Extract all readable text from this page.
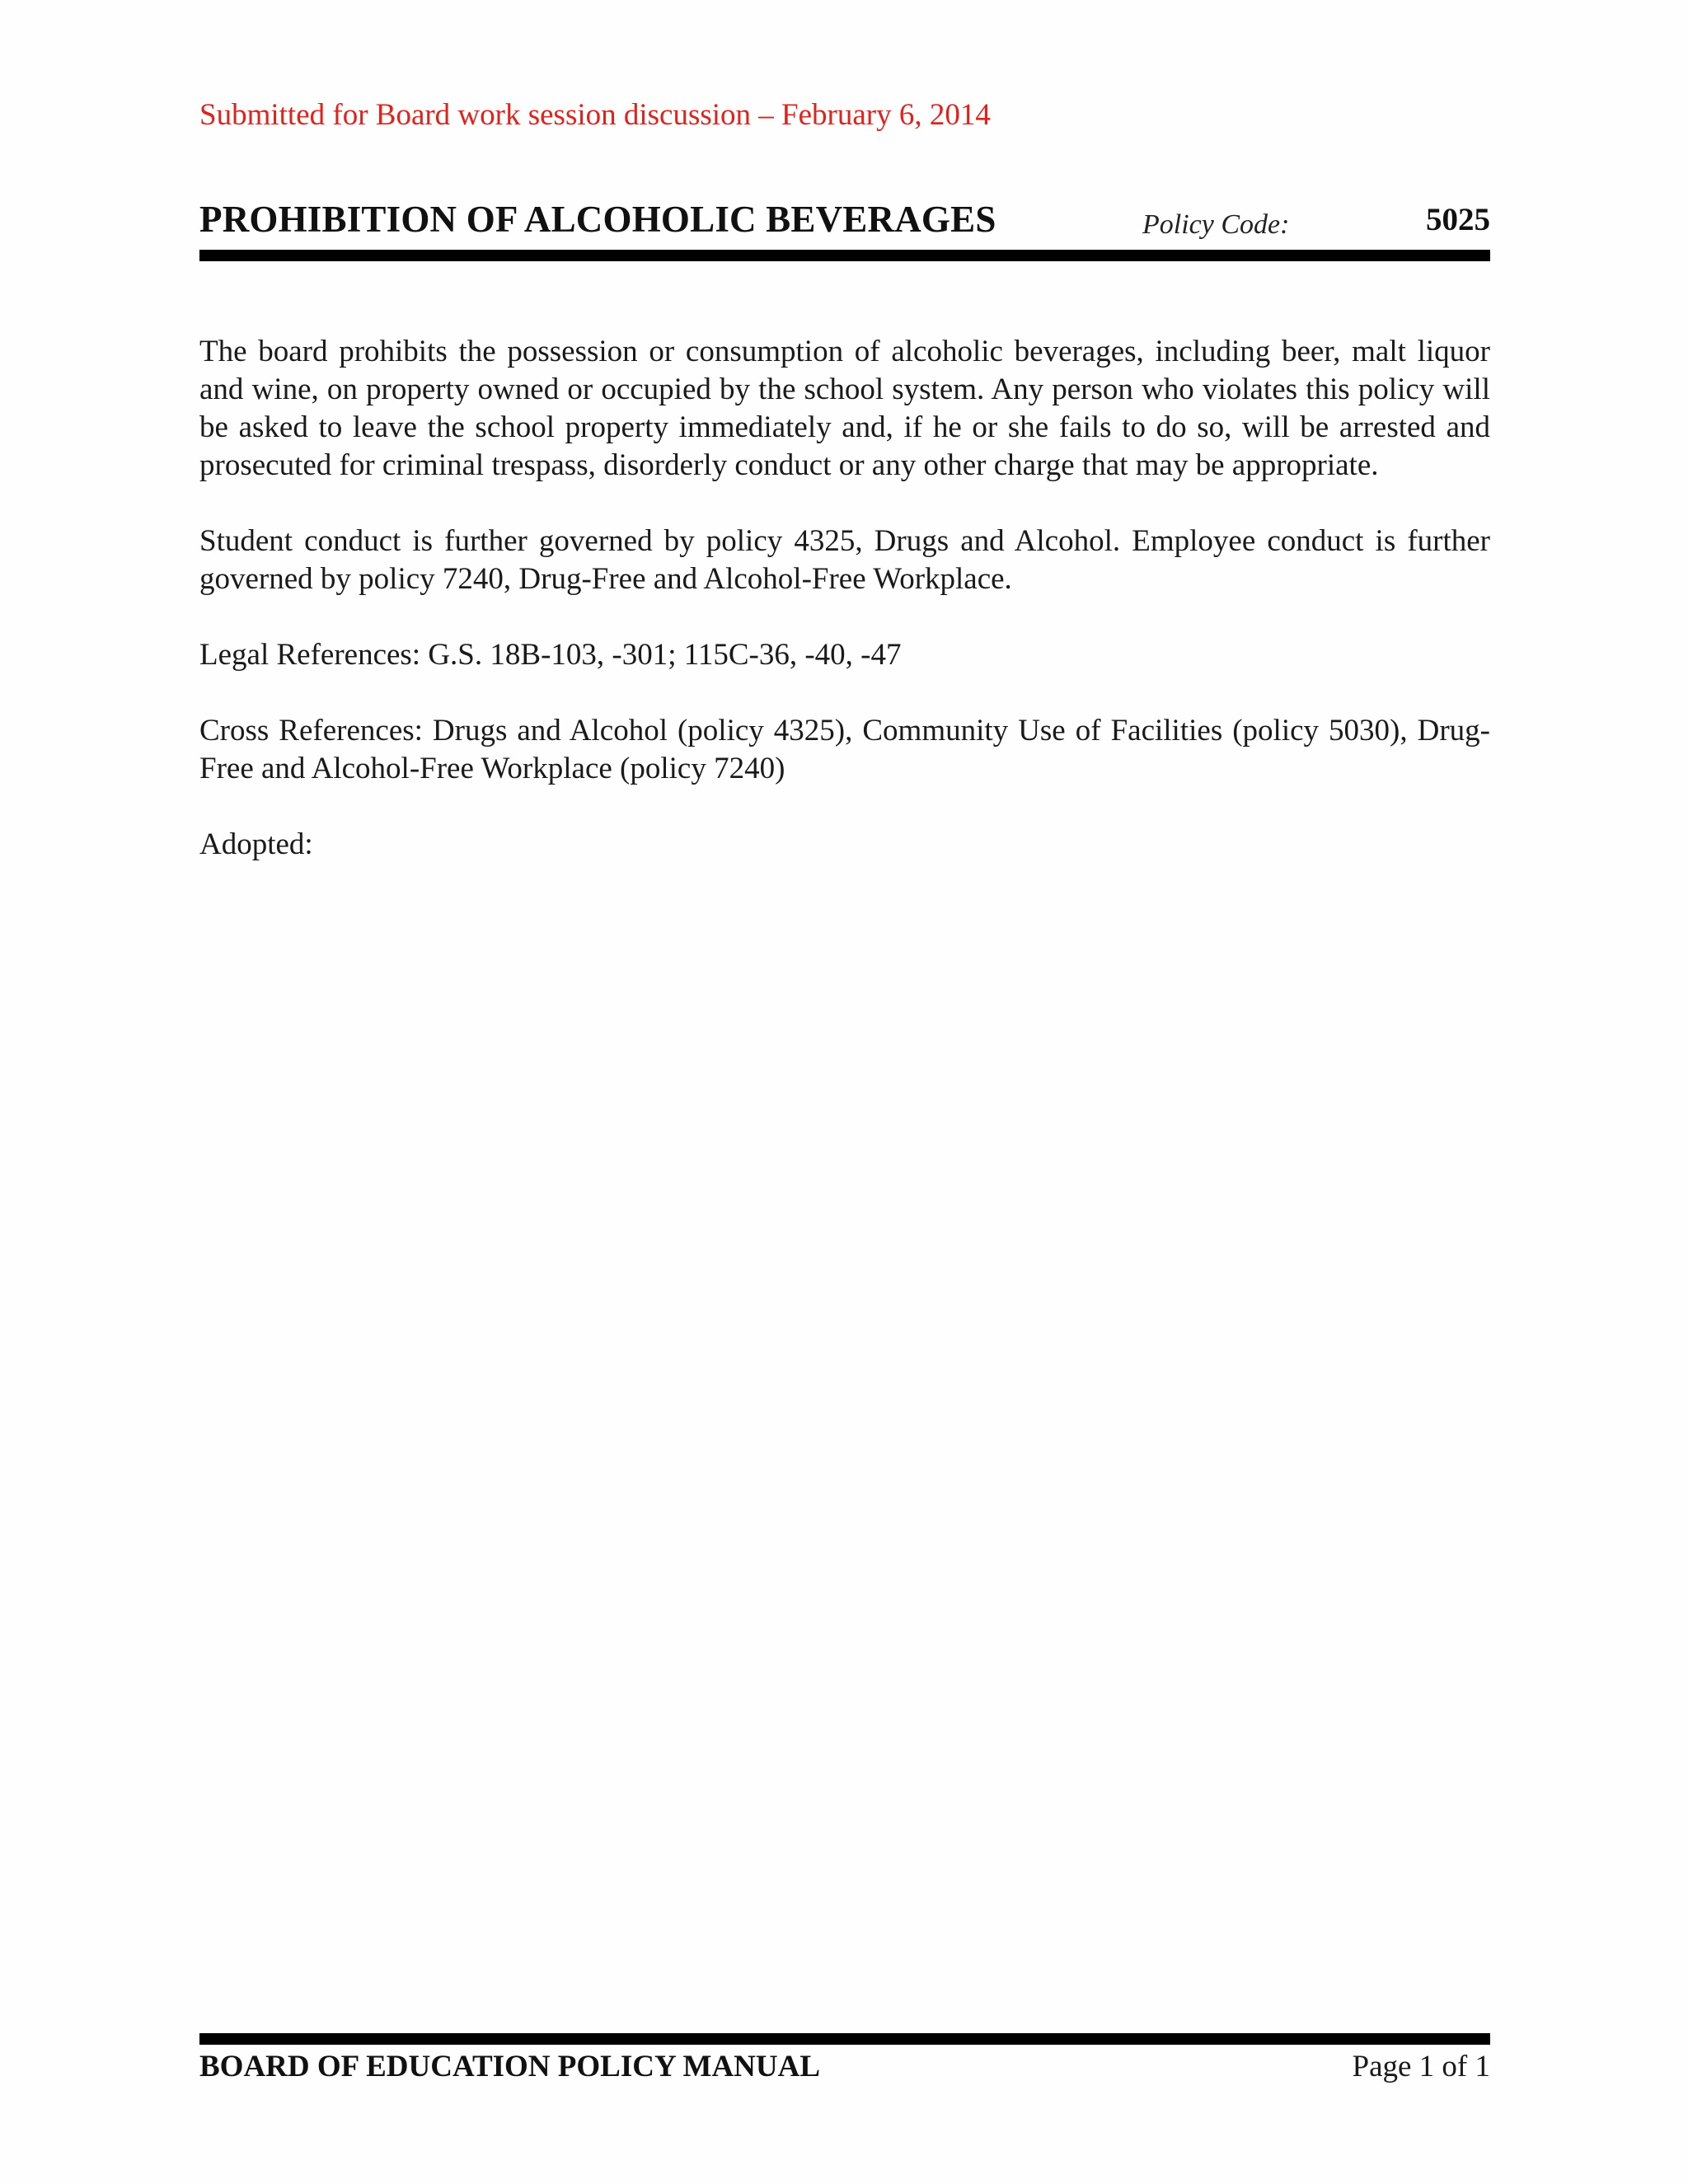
Submitted for Board work session discussion – February 6, 2014
PROHIBITION OF ALCOHOLIC BEVERAGES	Policy Code:	5025

The board prohibits the possession or consumption of alcoholic beverages, including beer, malt liquor and wine, on property owned or occupied by the school system. Any person who violates this policy will be asked to leave the school property immediately and, if he or she fails to do so, will be arrested and prosecuted for criminal trespass, disorderly conduct or any other charge that may be appropriate.

Student conduct is further governed by policy 4325, Drugs and Alcohol. Employee conduct is further governed by policy 7240, Drug-Free and Alcohol-Free Workplace.

Legal References: G.S. 18B-103, -301; 115C-36, -40, -47

Cross References: Drugs and Alcohol (policy 4325), Community Use of Facilities (policy 5030), Drug-Free and Alcohol-Free Workplace (policy 7240)

Adopted:

BOARD OF EDUCATION POLICY MANUAL	Page 1 of 1
